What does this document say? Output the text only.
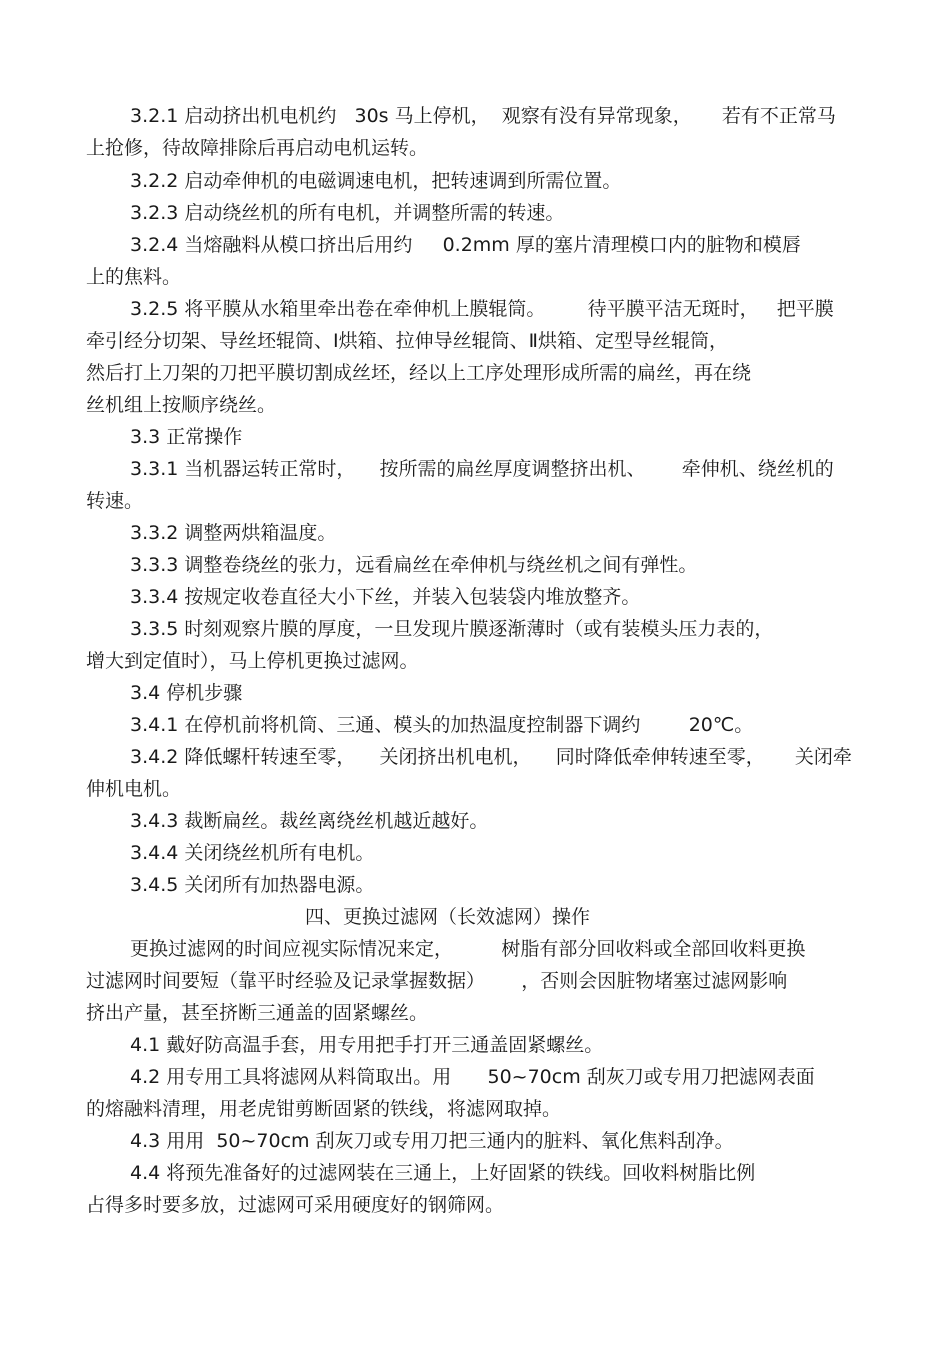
3.2.1 启动挤出机电机约   30s 马上停机，  观察有没有异常现象，     若有不正常马
上抢修，待故障排除后再启动电机运转。
3.2.2 启动牵伸机的电磁调速电机，把转速调到所需位置。
3.2.3 启动绕丝机的所有电机，并调整所需的转速。
3.2.4 当熔融料从模口挤出后用约     0.2mm 厚的塞片清理模口内的脏物和模唇
上的焦料。
3.2.5 将平膜从水箱里牵出卷在牵伸机上膜辊筒。       待平膜平洁无斑时，   把平膜
牵引经分切架、导丝坯辊筒、Ⅰ烘箱、拉伸导丝辊筒、Ⅱ烘箱、定型导丝辊筒，
然后打上刀架的刀把平膜切割成丝坯，经以上工序处理形成所需的扁丝，再在绕
丝机组上按顺序绕丝。
3.3 正常操作
3.3.1 当机器运转正常时，    按所需的扁丝厚度调整挤出机、      牵伸机、绕丝机的
转速。
3.3.2 调整两烘箱温度。
3.3.3 调整卷绕丝的张力，远看扁丝在牵伸机与绕丝机之间有弹性。
3.3.4 按规定收卷直径大小下丝，并装入包装袋内堆放整齐。
3.3.5 时刻观察片膜的厚度，一旦发现片膜逐渐薄时（或有装模头压力表的，
增大到定值时），马上停机更换过滤网。
3.4 停机步骤
3.4.1 在停机前将机筒、三通、模头的加热温度控制器下调约        20℃。
3.4.2 降低螺杆转速至零，    关闭挤出机电机，    同时降低牵伸转速至零，     关闭牵
伸机电机。
3.4.3 裁断扁丝。裁丝离绕丝机越近越好。
3.4.4 关闭绕丝机所有电机。
3.4.5 关闭所有加热器电源。
四、更换过滤网（长效滤网）操作
更换过滤网的时间应视实际情况来定，        树脂有部分回收料或全部回收料更换
过滤网时间要短（靠平时经验及记录掌握数据）      ，否则会因脏物堵塞过滤网影响
挤出产量，甚至挤断三通盖的固紧螺丝。
4.1 戴好防高温手套，用专用把手打开三通盖固紧螺丝。
4.2 用专用工具将滤网从料筒取出。用      50~70cm 刮灰刀或专用刀把滤网表面
的熔融料清理，用老虎钳剪断固紧的铁线，将滤网取掉。
4.3 用用  50~70cm 刮灰刀或专用刀把三通内的脏料、氧化焦料刮净。
4.4 将预先准备好的过滤网装在三通上，上好固紧的铁线。回收料树脂比例
占得多时要多放，过滤网可采用硬度好的钢筛网。
